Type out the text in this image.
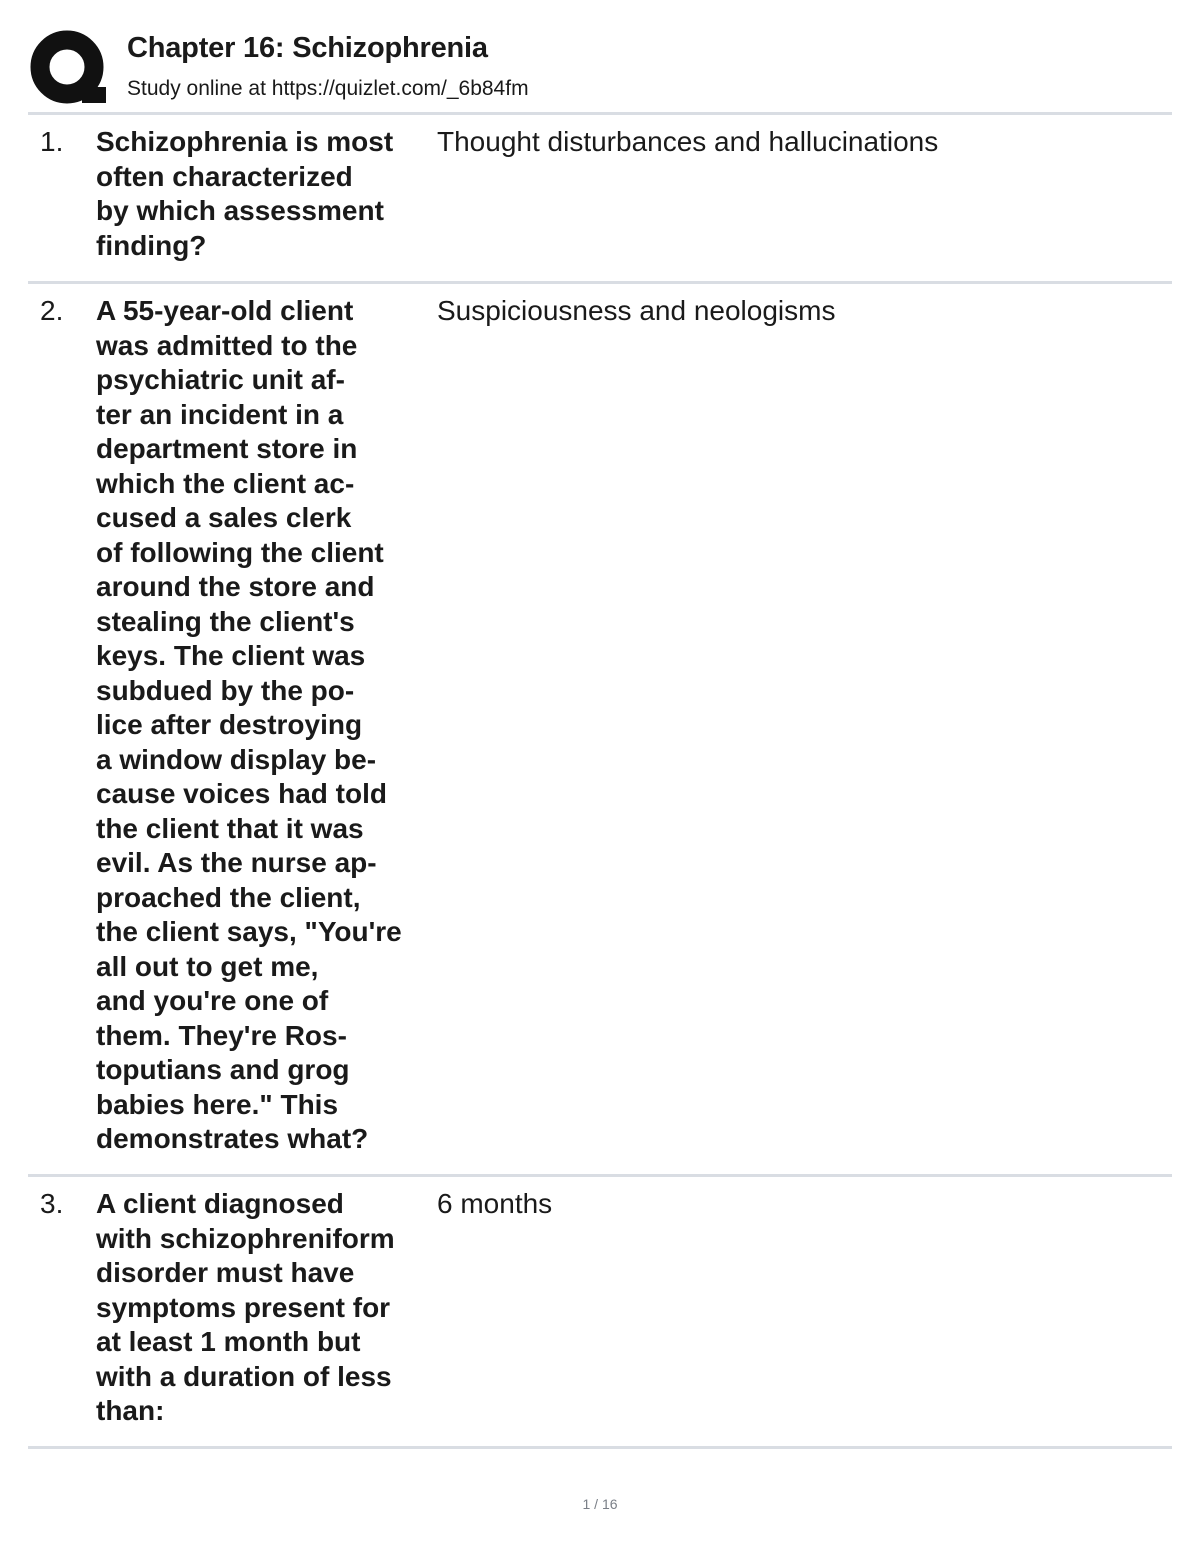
Chapter 16: Schizophrenia
Study online at https://quizlet.com/_6b84fm
1. Schizophrenia is most
often characterized
by which assessment
finding?
Thought disturbances and hallucinations
2. A 55-year-old client
was admitted to the
psychiatric unit af-
ter an incident in a
department store in
which the client ac-
cused a sales clerk
of following the client
around the store and
stealing the client's
keys. The client was
subdued by the po-
lice after destroying
a window display be-
cause voices had told
the client that it was
evil. As the nurse ap-
proached the client,
the client says, "You're
all out to get me,
and you're one of
them. They're Ros-
toputians and grog
babies here." This
demonstrates what?
Suspiciousness and neologisms
3. A client diagnosed
with schizophreniform
disorder must have
symptoms present for
at least 1 month but
with a duration of less
than:
6 months
1 / 16
